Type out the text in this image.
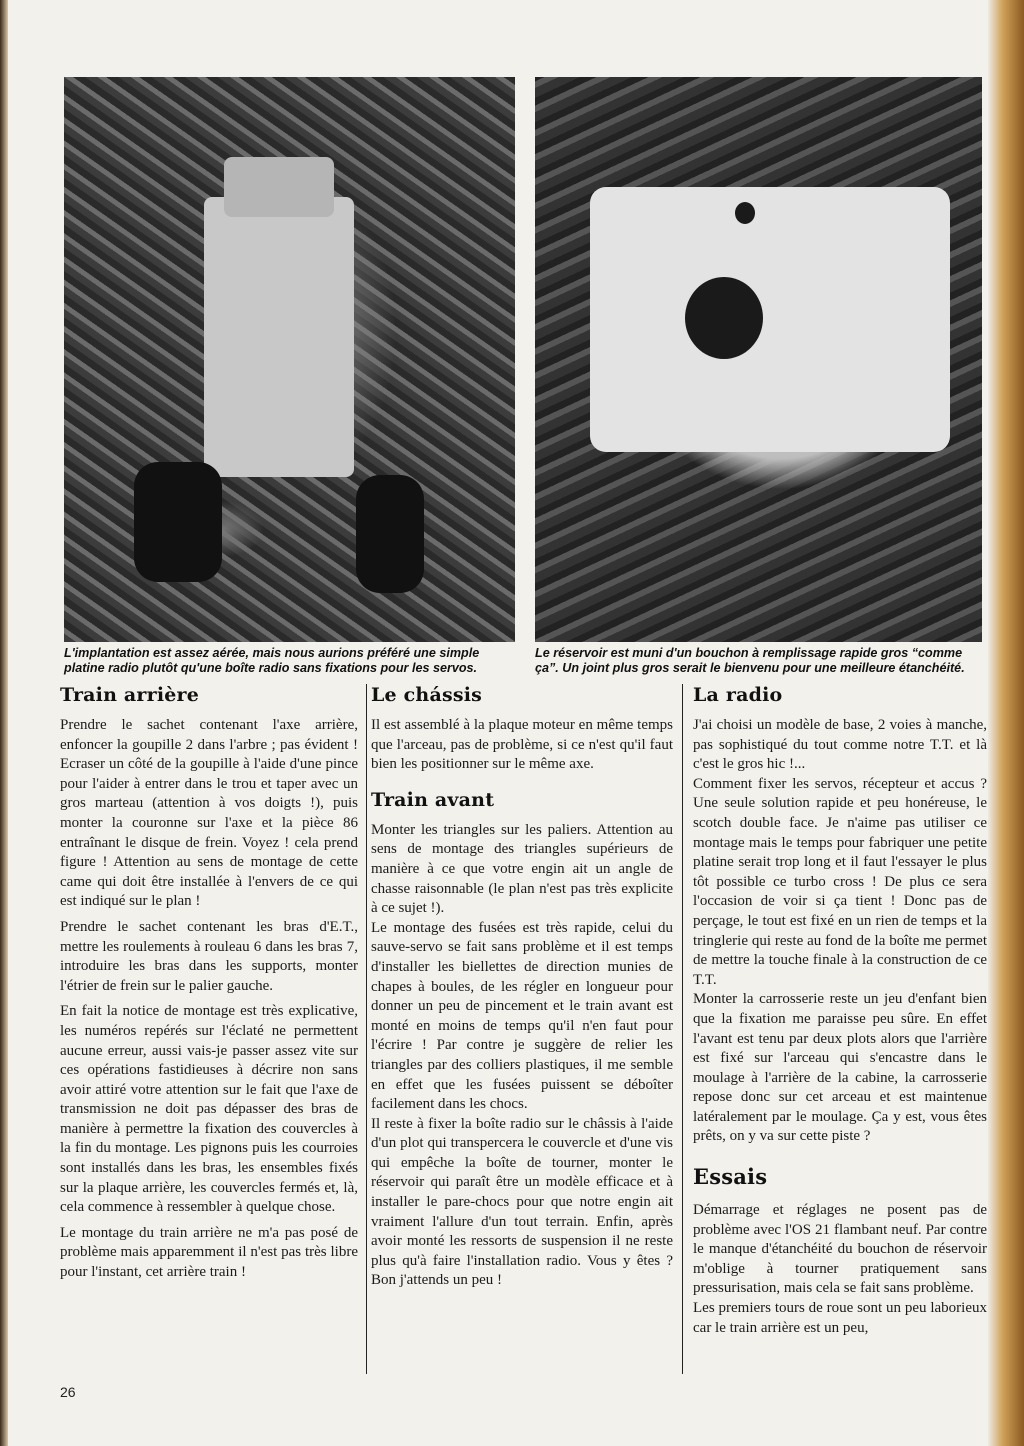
L'implantation est assez aérée, mais nous aurions préféré une simple platine radio plutôt qu'une boîte radio sans fixations pour les servos.
Le réservoir est muni d'un bouchon à remplissage rapide gros “comme ça”. Un joint plus gros serait le bienvenu pour une meilleure étanchéité.
Train arrière

Prendre le sachet contenant l'axe arrière, enfoncer la goupille 2 dans l'arbre ; pas évident ! Ecraser un côté de la goupille à l'aide d'une pince pour l'aider à entrer dans le trou et taper avec un gros marteau (attention à vos doigts !), puis monter la couronne sur l'axe et la pièce 86 entraînant le disque de frein. Voyez ! cela prend figure ! Attention au sens de montage de cette came qui doit être installée à l'envers de ce qui est indiqué sur le plan !

Prendre le sachet contenant les bras d'E.T., mettre les roulements à rouleau 6 dans les bras 7, introduire les bras dans les supports, monter l'étrier de frein sur le palier gauche.

En fait la notice de montage est très explicative, les numéros repérés sur l'éclaté ne permettent aucune erreur, aussi vais-je passer assez vite sur ces opérations fastidieuses à décrire non sans avoir attiré votre attention sur le fait que l'axe de transmission ne doit pas dépasser des bras de manière à permettre la fixation des couvercles à la fin du montage. Les pignons puis les courroies sont installés dans les bras, les ensembles fixés sur la plaque arrière, les couvercles fermés et, là, cela commence à ressembler à quelque chose.

Le montage du train arrière ne m'a pas posé de problème mais apparemment il n'est pas très libre pour l'instant, cet arrière train !

Le chássis

Il est assemblé à la plaque moteur en même temps que l'arceau, pas de problème, si ce n'est qu'il faut bien les positionner sur le même axe.

Train avant

Monter les triangles sur les paliers. Attention au sens de montage des triangles supérieurs de manière à ce que votre engin ait un angle de chasse raisonnable (le plan n'est pas très explicite à ce sujet !).

Le montage des fusées est très rapide, celui du sauve-servo se fait sans problème et il est temps d'installer les biellettes de direction munies de chapes à boules, de les régler en longueur pour donner un peu de pincement et le train avant est monté en moins de temps qu'il n'en faut pour l'écrire ! Par contre je suggère de relier les triangles par des colliers plastiques, il me semble en effet que les fusées puissent se déboîter facilement dans les chocs.

Il reste à fixer la boîte radio sur le châssis à l'aide d'un plot qui transpercera le couvercle et d'une vis qui empêche la boîte de tourner, monter le réservoir qui paraît être un modèle efficace et à installer le pare-chocs pour que notre engin ait vraiment l'allure d'un tout terrain. Enfin, après avoir monté les ressorts de suspension il ne reste plus qu'à faire l'installation radio. Vous y êtes ? Bon j'attends un peu !

La radio

J'ai choisi un modèle de base, 2 voies à manche, pas sophistiqué du tout comme notre T.T. et là c'est le gros hic !...

Comment fixer les servos, récepteur et accus ? Une seule solution rapide et peu honéreuse, le scotch double face. Je n'aime pas utiliser ce montage mais le temps pour fabriquer une petite platine serait trop long et il faut l'essayer le plus tôt possible ce turbo cross ! De plus ce sera l'occasion de voir si ça tient ! Donc pas de perçage, le tout est fixé en un rien de temps et la tringlerie qui reste au fond de la boîte me permet de mettre la touche finale à la construction de ce T.T.

Monter la carrosserie reste un jeu d'enfant bien que la fixation me paraisse peu sûre. En effet l'avant est tenu par deux plots alors que l'arrière est fixé sur l'arceau qui s'encastre dans le moulage à l'arrière de la cabine, la carrosserie repose donc sur cet arceau et est maintenue latéralement par le moulage. Ça y est, vous êtes prêts, on y va sur cette piste ?

Essais

Démarrage et réglages ne posent pas de problème avec l'OS 21 flambant neuf. Par contre le manque d'étanchéité du bouchon de réservoir m'oblige à tourner pratiquement sans pressurisation, mais cela se fait sans problème.

Les premiers tours de roue sont un peu laborieux car le train arrière est un peu,

26
